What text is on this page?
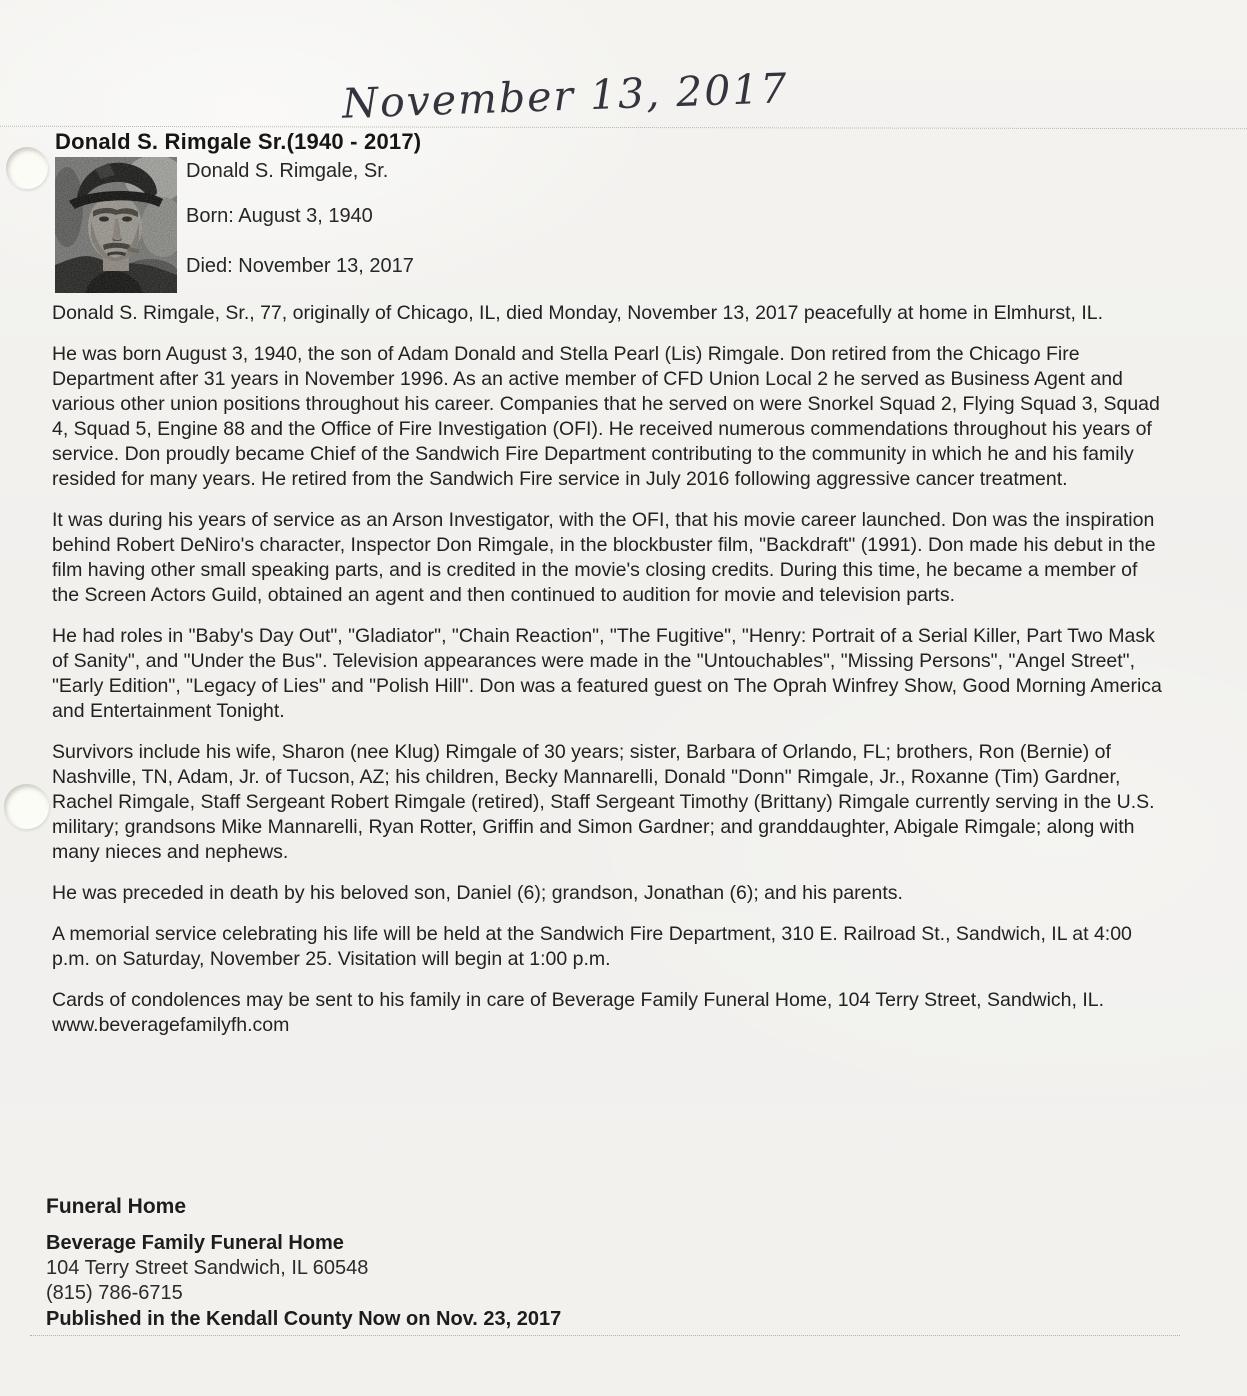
November 13, 2017
Donald S. Rimgale Sr.(1940 - 2017)
Donald S. Rimgale, Sr.
Born: August 3, 1940
Died: November 13, 2017

Donald S. Rimgale, Sr., 77, originally of Chicago, IL, died Monday, November 13, 2017 peacefully at home in Elmhurst, IL.

He was born August 3, 1940, the son of Adam Donald and Stella Pearl (Lis) Rimgale. Don retired from the Chicago Fire Department after 31 years in November 1996. As an active member of CFD Union Local 2 he served as Business Agent and various other union positions throughout his career. Companies that he served on were Snorkel Squad 2, Flying Squad 3, Squad 4, Squad 5, Engine 88 and the Office of Fire Investigation (OFI). He received numerous commendations throughout his years of service. Don proudly became Chief of the Sandwich Fire Department contributing to the community in which he and his family resided for many years. He retired from the Sandwich Fire service in July 2016 following aggressive cancer treatment.

It was during his years of service as an Arson Investigator, with the OFI, that his movie career launched. Don was the inspiration behind Robert DeNiro's character, Inspector Don Rimgale, in the blockbuster film, "Backdraft" (1991). Don made his debut in the film having other small speaking parts, and is credited in the movie's closing credits. During this time, he became a member of the Screen Actors Guild, obtained an agent and then continued to audition for movie and television parts.

He had roles in "Baby's Day Out", "Gladiator", "Chain Reaction", "The Fugitive", "Henry: Portrait of a Serial Killer, Part Two Mask of Sanity", and "Under the Bus". Television appearances were made in the "Untouchables", "Missing Persons", "Angel Street", "Early Edition", "Legacy of Lies" and "Polish Hill". Don was a featured guest on The Oprah Winfrey Show, Good Morning America and Entertainment Tonight.

Survivors include his wife, Sharon (nee Klug) Rimgale of 30 years; sister, Barbara of Orlando, FL; brothers, Ron (Bernie) of Nashville, TN, Adam, Jr. of Tucson, AZ; his children, Becky Mannarelli, Donald "Donn" Rimgale, Jr., Roxanne (Tim) Gardner, Rachel Rimgale, Staff Sergeant Robert Rimgale (retired), Staff Sergeant Timothy (Brittany) Rimgale currently serving in the U.S. military; grandsons Mike Mannarelli, Ryan Rotter, Griffin and Simon Gardner; and granddaughter, Abigale Rimgale; along with many nieces and nephews.

He was preceded in death by his beloved son, Daniel (6); grandson, Jonathan (6); and his parents.

A memorial service celebrating his life will be held at the Sandwich Fire Department, 310 E. Railroad St., Sandwich, IL at 4:00 p.m. on Saturday, November 25. Visitation will begin at 1:00 p.m.

Cards of condolences may be sent to his family in care of Beverage Family Funeral Home, 104 Terry Street, Sandwich, IL. www.beveragefamilyfh.com

Funeral Home
Beverage Family Funeral Home
104 Terry Street Sandwich, IL 60548
(815) 786-6715
Published in the Kendall County Now on Nov. 23, 2017
